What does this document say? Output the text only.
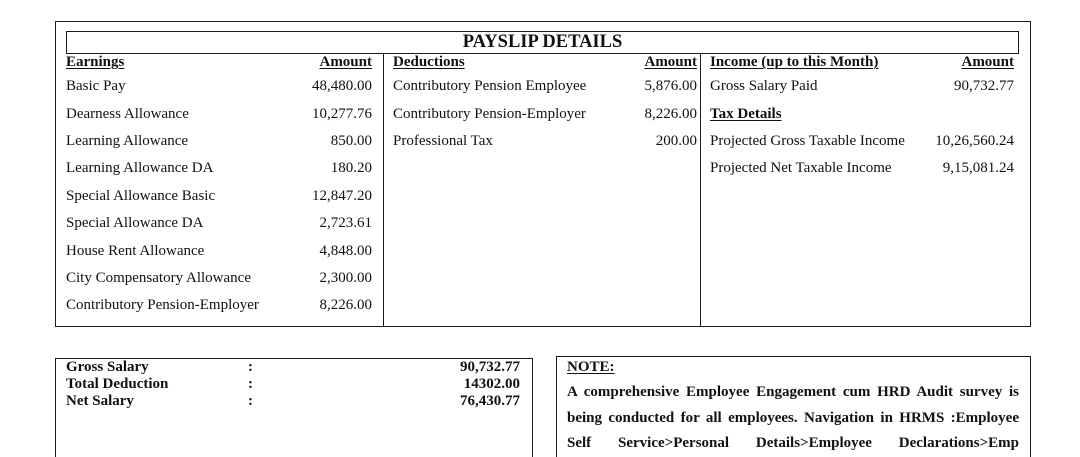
PAYSLIP DETAILS
Earnings	Amount
Basic Pay	48,480.00
Dearness Allowance	10,277.76
Learning Allowance	850.00
Learning Allowance DA	180.20
Special Allowance Basic	12,847.20
Special Allowance DA	2,723.61
House Rent Allowance	4,848.00
City Compensatory Allowance	2,300.00
Contributory Pension-Employer	8,226.00
Deductions	Amount
Contributory Pension Employee	5,876.00
Contributory Pension-Employer	8,226.00
Professional Tax	200.00
Income (up to this Month)	Amount
Gross Salary Paid	90,732.77
Tax Details
Projected Gross Taxable Income 10,26,560.24
Projected Net Taxable Income	9,15,081.24
Gross Salary	:	90,732.77
Total Deduction	:	14302.00
Net Salary	:	76,430.77
NOTE:

A comprehensive Employee Engagement cum HRD Audit survey is being conducted for all employees. Navigation in HRMS :Employee Self Service>Personal Details>Employee Declarations>Emp
